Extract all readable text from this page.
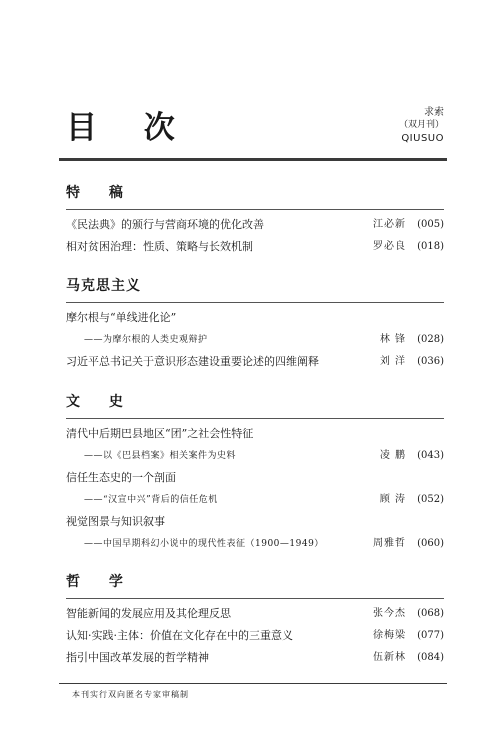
目 次	求索
（双月刊）
QIUSUO
特 稿
《民法典》的颁行与营商环境的优化改善	江必新 (005)
相对贫困治理：性质、策略与长效机制	罗必良 (018)
马克思主义
摩尔根与“单线进化论”
——为摩尔根的人类史观辩护	林 锋 (028)
习近平总书记关于意识形态建设重要论述的四维阐释	刘 洋 (036)
文 史
清代中后期巴县地区“团”之社会性特征
——以《巴县档案》相关案件为史料	凌 鹏 (043)
信任生态史的一个剖面
——“汉宣中兴”背后的信任危机	顾 涛 (052)
视觉图景与知识叙事
——中国早期科幻小说中的现代性表征（1900—1949）	周雅哲 (060)
哲 学
智能新闻的发展应用及其伦理反思	张今杰 (068)
认知·实践·主体：价值在文化存在中的三重意义	徐梅梁 (077)
指引中国改革发展的哲学精神	伍新林 (084)
本刊实行双向匿名专家审稿制
